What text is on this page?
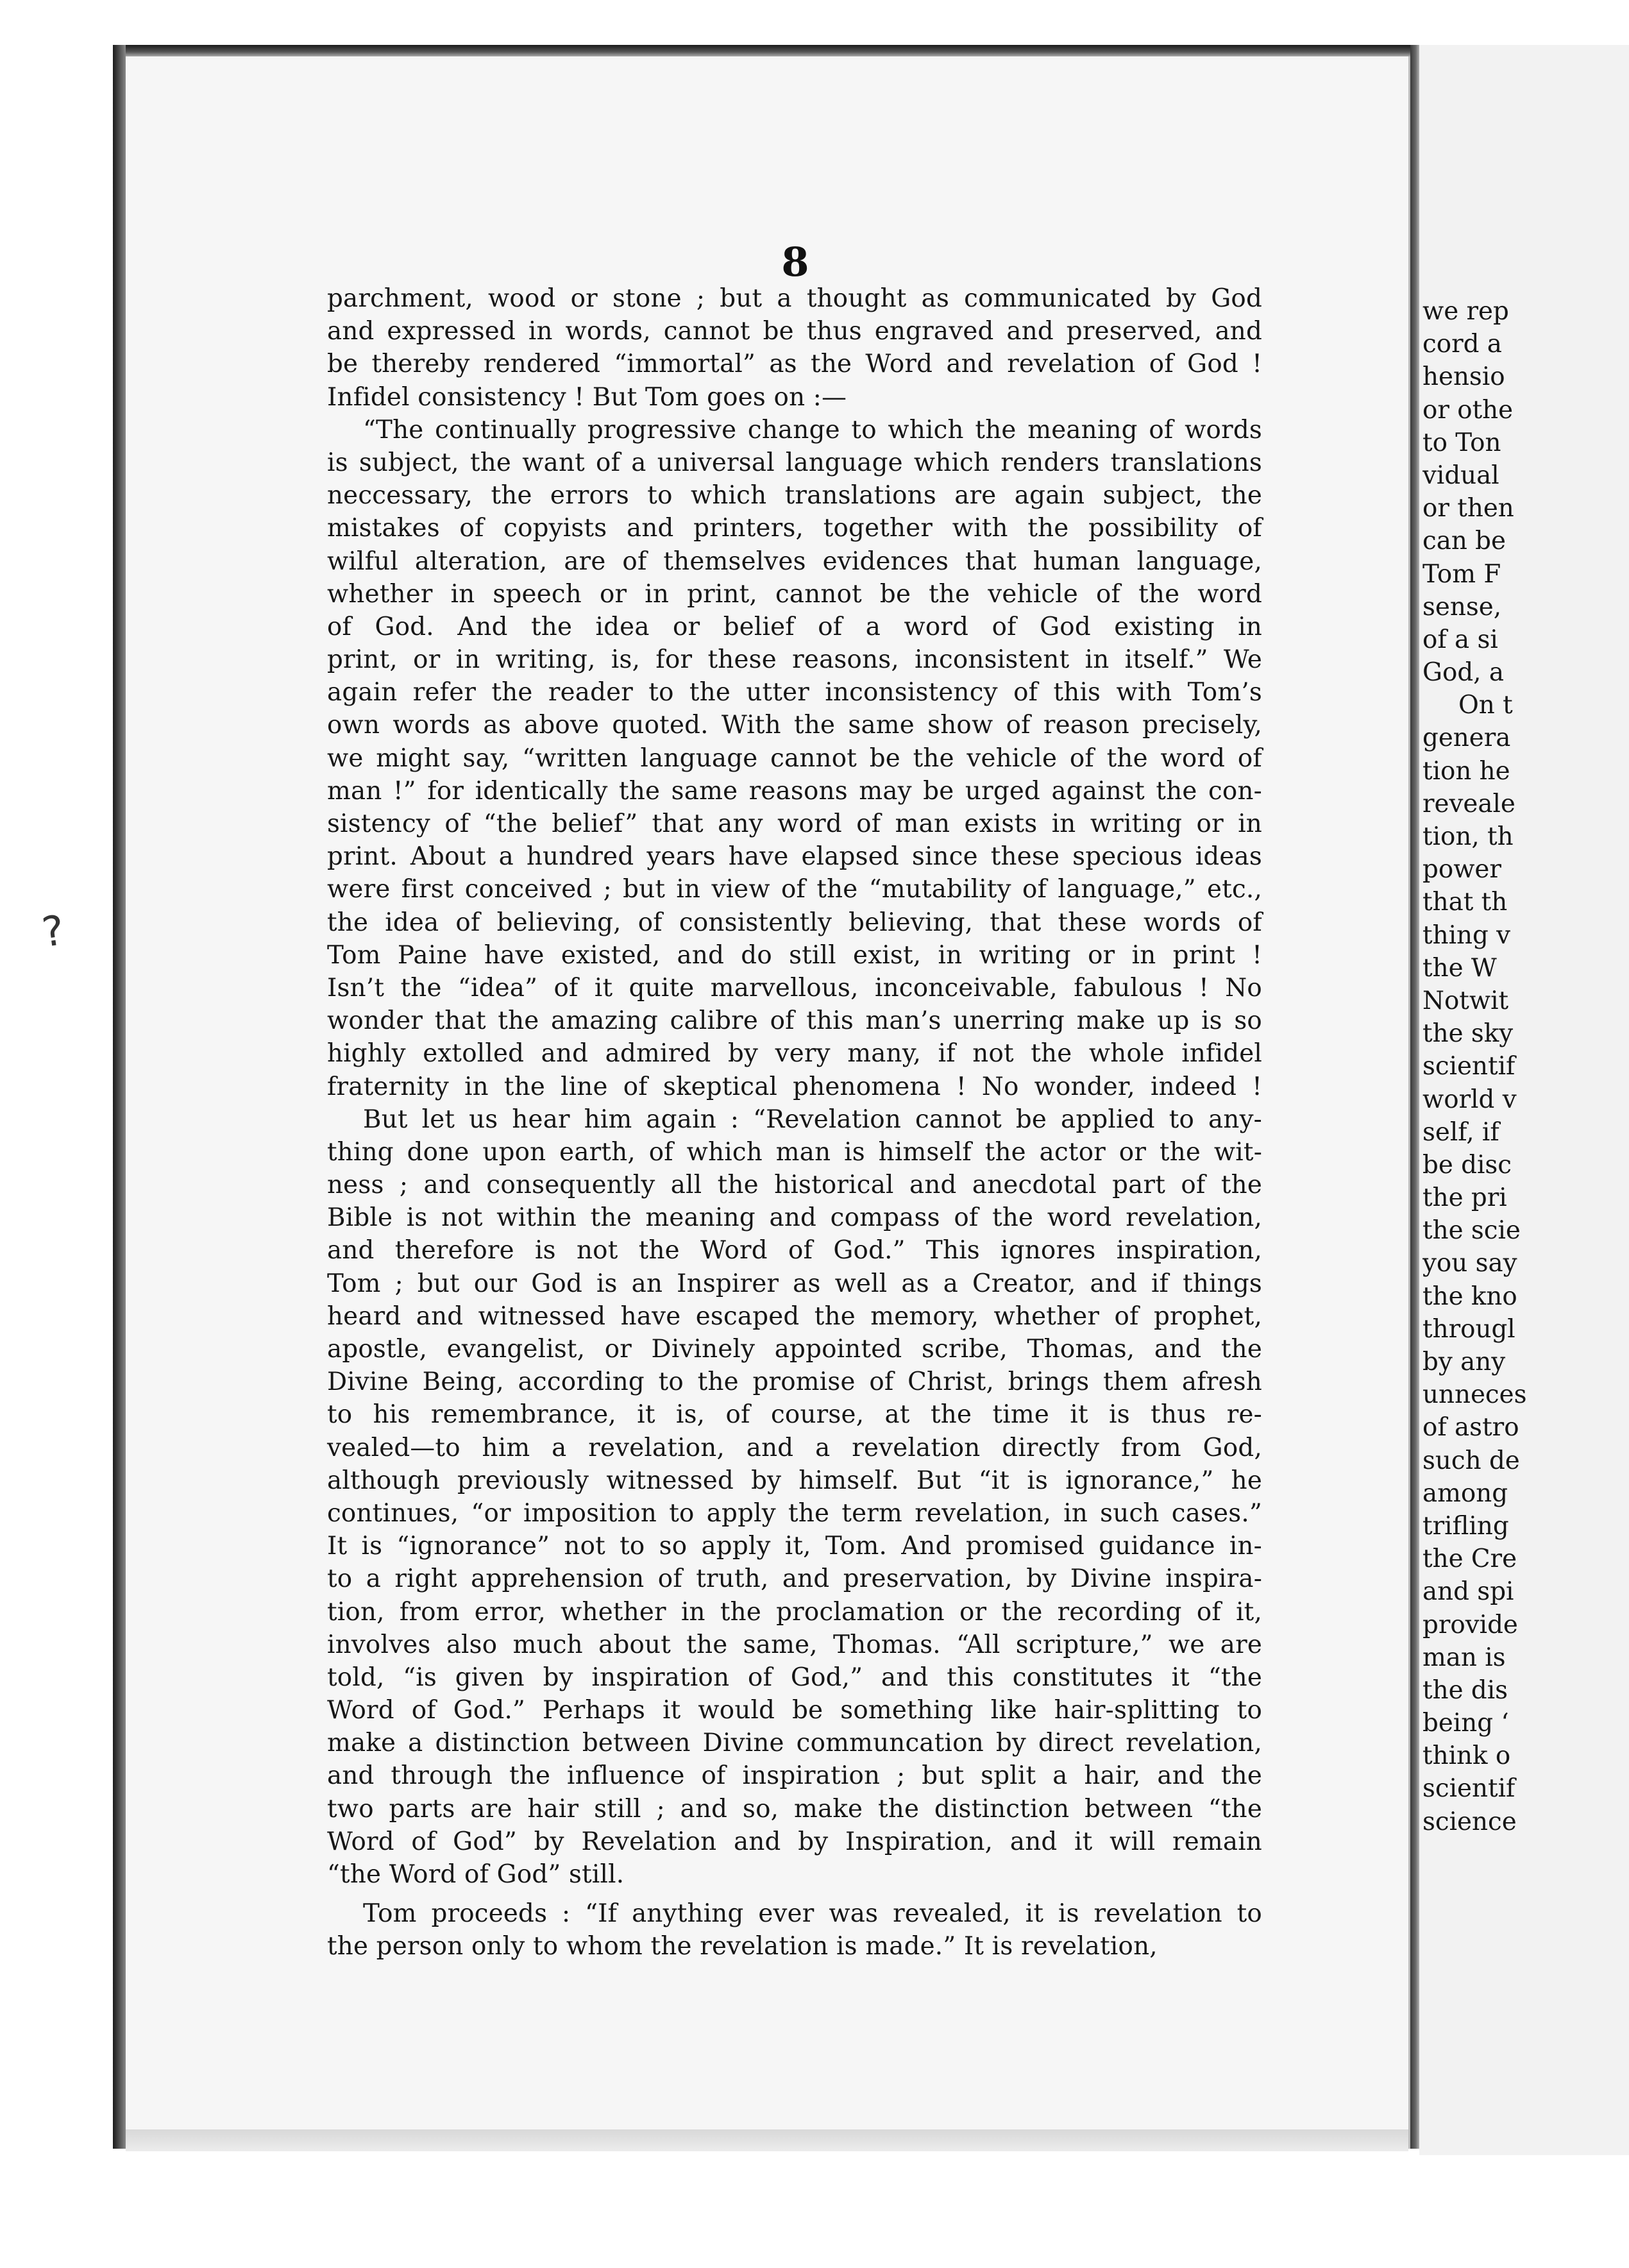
?
8
parchment, wood or stone ; but a thought as communicated by God
and expressed in words, cannot be thus engraved and preserved, and
be thereby rendered “immortal” as the Word and revelation of God !
Infidel consistency ! But Tom goes on :—
“The continually progressive change to which the meaning of words
is subject, the want of a universal language which renders translations
neccessary, the errors to which translations are again subject, the
mistakes of copyists and printers, together with the possibility of
wilful alteration, are of themselves evidences that human language,
whether in speech or in print, cannot be the vehicle of the word
of God. And the idea or belief of a word of God existing in
print, or in writing, is, for these reasons, inconsistent in itself.” We
again refer the reader to the utter inconsistency of this with Tom’s
own words as above quoted. With the same show of reason precisely,
we might say, “written language cannot be the vehicle of the word of
man !” for identically the same reasons may be urged against the con-
sistency of “the belief” that any word of man exists in writing or in
print. About a hundred years have elapsed since these specious ideas
were first conceived ; but in view of the “mutability of language,” etc.,
the idea of believing, of consistently believing, that these words of
Tom Paine have existed, and do still exist, in writing or in print !
Isn’t the “idea” of it quite marvellous, inconceivable, fabulous ! No
wonder that the amazing calibre of this man’s unerring make up is so
highly extolled and admired by very many, if not the whole infidel
fraternity in the line of skeptical phenomena ! No wonder, indeed !
But let us hear him again : “Revelation cannot be applied to any-
thing done upon earth, of which man is himself the actor or the wit-
ness ; and consequently all the historical and anecdotal part of the
Bible is not within the meaning and compass of the word revelation,
and therefore is not the Word of God.” This ignores inspiration,
Tom ; but our God is an Inspirer as well as a Creator, and if things
heard and witnessed have escaped the memory, whether of prophet,
apostle, evangelist, or Divinely appointed scribe, Thomas, and the
Divine Being, according to the promise of Christ, brings them afresh
to his remembrance, it is, of course, at the time it is thus re-
vealed—to him a revelation, and a revelation directly from God,
although previously witnessed by himself. But “it is ignorance,” he
continues, “or imposition to apply the term revelation, in such cases.”
It is “ignorance” not to so apply it, Tom. And promised guidance in-
to a right apprehension of truth, and preservation, by Divine inspira-
tion, from error, whether in the proclamation or the recording of it,
involves also much about the same, Thomas. “All scripture,” we are
told, “is given by inspiration of God,” and this constitutes it “the
Word of God.” Perhaps it would be something like hair-splitting to
make a distinction between Divine communcation by direct revelation,
and through the influence of inspiration ; but split a hair, and the
two parts are hair still ; and so, make the distinction between “the
Word of God” by Revelation and by Inspiration, and it will remain
“the Word of God” still.
Tom proceeds : “If anything ever was revealed, it is revelation to
the person only to whom the revelation is made.” It is revelation,
we rep
cord a
hensio
or othe
to Ton
vidual
or then
can be
Tom F
sense,
of a si
God, a
On t
genera
tion he
reveale
tion, th
power
that th
thing v
the W
Notwit
the sky
scientif
world v
self, if
be disc
the pri
the scie
you say
the kno
througl
by any
unneces
of astro
such de
among
trifling
the Cre
and spi
provide
man is
the dis
being ‘
think o
scientif
science
